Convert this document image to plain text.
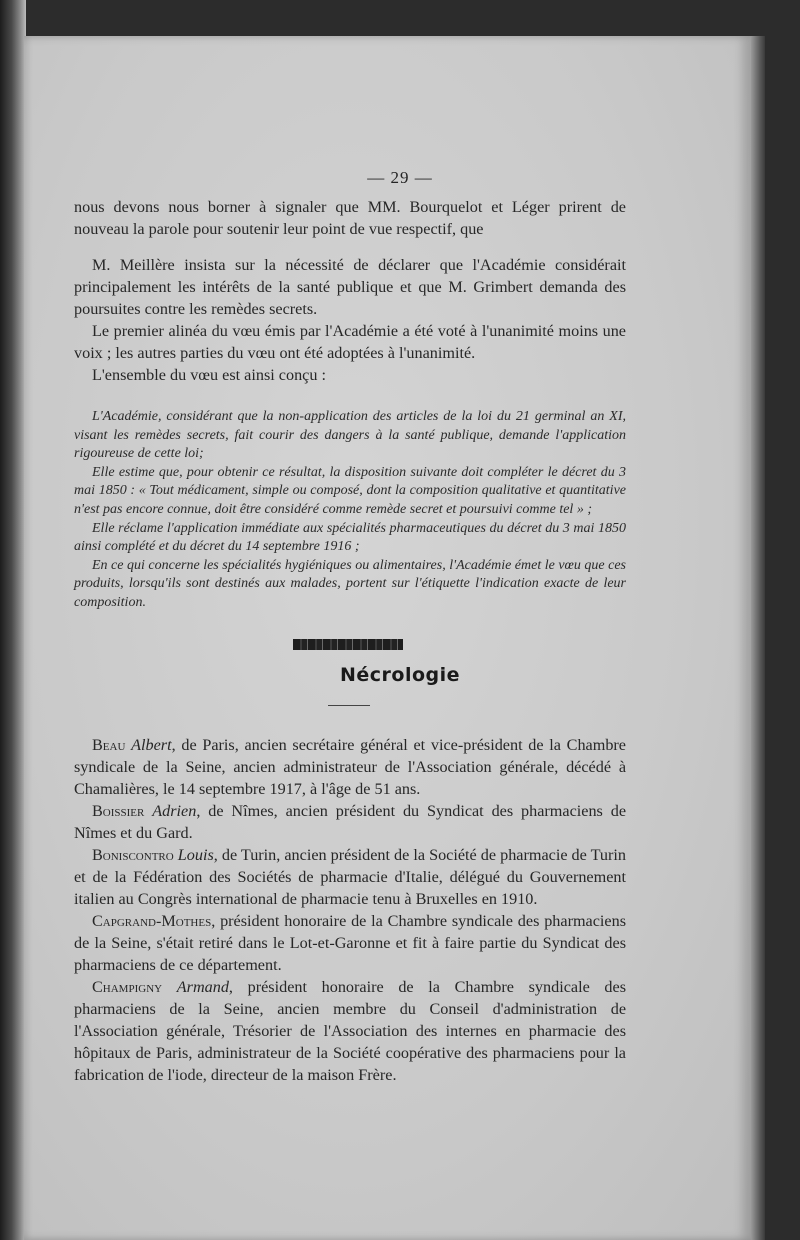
— 29 —

nous devons nous borner à signaler que MM. Bourquelot et Léger prirent de nouveau la parole pour soutenir leur point de vue respectif, que

M. Meillère insista sur la nécessité de déclarer que l'Académie considérait principalement les intérêts de la santé publique et que M. Grimbert demanda des poursuites contre les remèdes secrets.

Le premier alinéa du vœu émis par l'Académie a été voté à l'unanimité moins une voix ; les autres parties du vœu ont été adoptées à l'unanimité.

L'ensemble du vœu est ainsi conçu :

L'Académie, considérant que la non-application des articles de la loi du 21 germinal an XI, visant les remèdes secrets, fait courir des dangers à la santé publique, demande l'application rigoureuse de cette loi;

Elle estime que, pour obtenir ce résultat, la disposition suivante doit compléter le décret du 3 mai 1850 : « Tout médicament, simple ou composé, dont la composition qualitative et quantitative n'est pas encore connue, doit être considéré comme remède secret et poursuivi comme tel » ;

Elle réclame l'application immédiate aux spécialités pharmaceutiques du décret du 3 mai 1850 ainsi complété et du décret du 14 septembre 1916 ;

En ce qui concerne les spécialités hygiéniques ou alimentaires, l'Académie émet le vœu que ces produits, lorsqu'ils sont destinés aux malades, portent sur l'étiquette l'indication exacte de leur composition.

Nécrologie

Beau Albert, de Paris, ancien secrétaire général et vice-président de la Chambre syndicale de la Seine, ancien administrateur de l'Association générale, décédé à Chamalières, le 14 septembre 1917, à l'âge de 51 ans.

Boissier Adrien, de Nîmes, ancien président du Syndicat des pharmaciens de Nîmes et du Gard.

Boniscontro Louis, de Turin, ancien président de la Société de pharmacie de Turin et de la Fédération des Sociétés de pharmacie d'Italie, délégué du Gouvernement italien au Congrès international de pharmacie tenu à Bruxelles en 1910.

Capgrand-Mothes, président honoraire de la Chambre syndicale des pharmaciens de la Seine, s'était retiré dans le Lot-et-Garonne et fit à faire partie du Syndicat des pharmaciens de ce département.

Champigny Armand, président honoraire de la Chambre syndicale des pharmaciens de la Seine, ancien membre du Conseil d'administration de l'Association générale, Trésorier de l'Association des internes en pharmacie des hôpitaux de Paris, administrateur de la Société coopérative des pharmaciens pour la fabrication de l'iode, directeur de la maison Frère.
